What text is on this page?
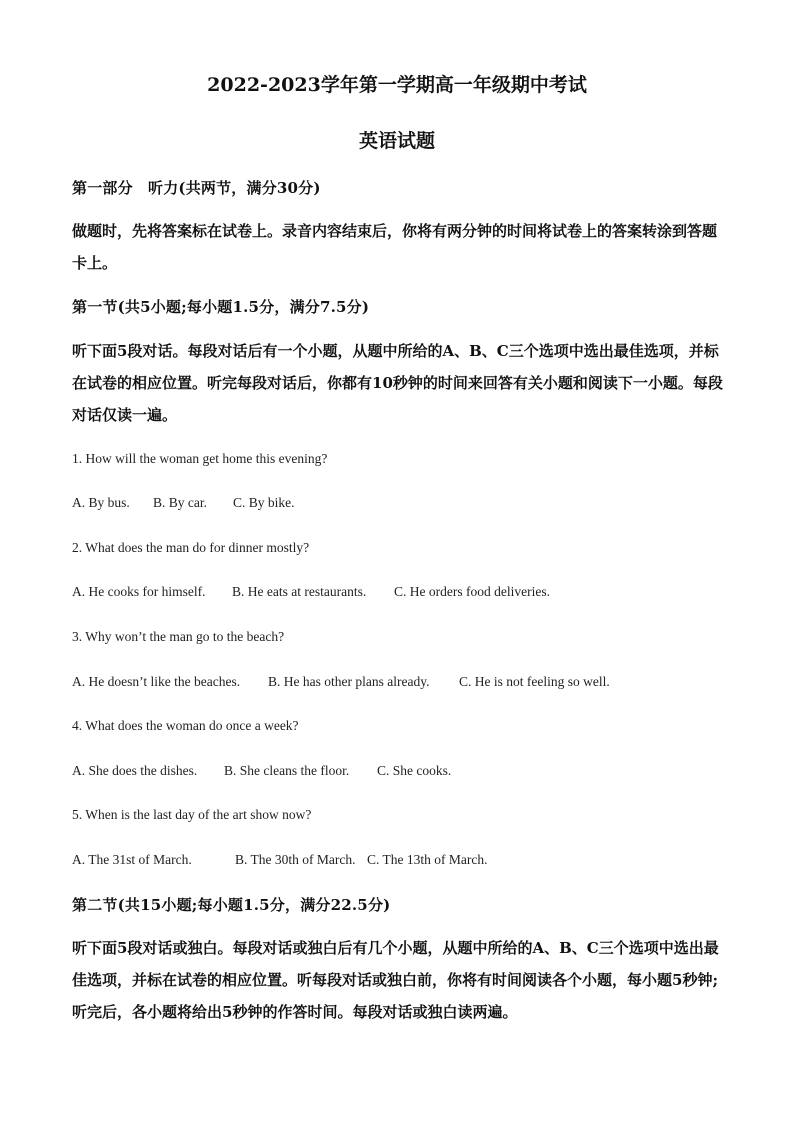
2022-2023学年第一学期高一年级期中考试
英语试题
第一部分　听力(共两节，满分30分)
做题时，先将答案标在试卷上。录音内容结束后，你将有两分钟的时间将试卷上的答案转涂到答题卡上。
第一节(共5小题;每小题1.5分，满分7.5分)
听下面5段对话。每段对话后有一个小题，从题中所给的A、B、C三个选项中选出最佳选项，并标在试卷的相应位置。听完每段对话后，你都有10秒钟的时间来回答有关小题和阅读下一小题。每段对话仅读一遍。
1. How will the woman get home this evening?
A. By bus. B. By car. C. By bike.
2. What does the man do for dinner mostly?
A. He cooks for himself. B. He eats at restaurants. C. He orders food deliveries.
3. Why won’t the man go to the beach?
A. He doesn’t like the beaches. B. He has other plans already. C. He is not feeling so well.
4. What does the woman do once a week?
A. She does the dishes. B. She cleans the floor. C. She cooks.
5. When is the last day of the art show now?
A. The 31st of March.	B. The 30th of March. C. The 13th of March.
第二节(共15小题;每小题1.5分，满分22.5分)
听下面5段对话或独白。每段对话或独白后有几个小题，从题中所给的A、B、C三个选项中选出最佳选项，并标在试卷的相应位置。听每段对话或独白前，你将有时间阅读各个小题，每小题5秒钟;听完后，各小题将给出5秒钟的作答时间。每段对话或独白读两遍。
